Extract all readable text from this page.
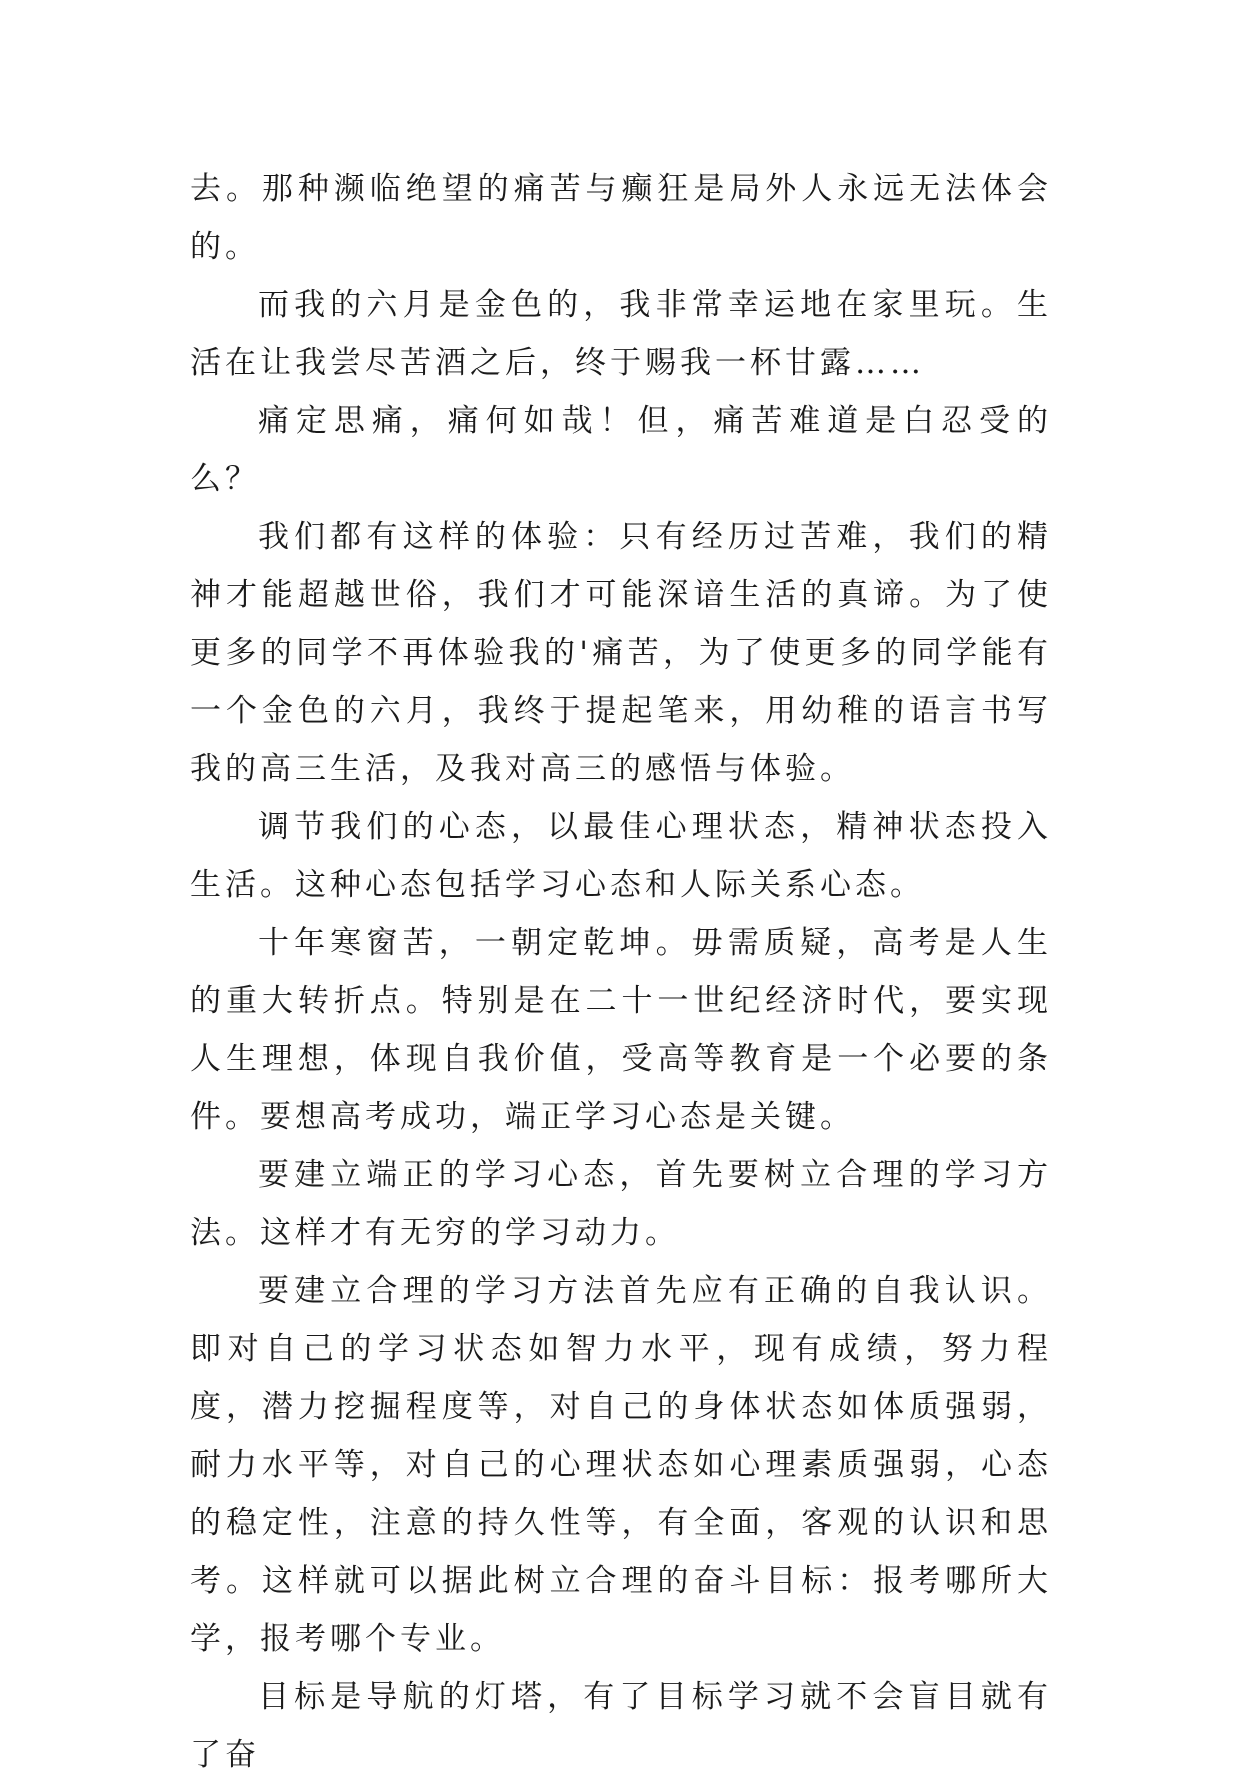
去。那种濒临绝望的痛苦与癫狂是局外人永远无法体会的。

而我的六月是金色的，我非常幸运地在家里玩。生活在让我尝尽苦酒之后，终于赐我一杯甘露……

痛定思痛，痛何如哉！但，痛苦难道是白忍受的么？

我们都有这样的体验：只有经历过苦难，我们的精神才能超越世俗，我们才可能深谙生活的真谛。为了使更多的同学不再体验我的'痛苦，为了使更多的同学能有一个金色的六月，我终于提起笔来，用幼稚的语言书写我的高三生活，及我对高三的感悟与体验。

调节我们的心态，以最佳心理状态，精神状态投入生活。这种心态包括学习心态和人际关系心态。

十年寒窗苦，一朝定乾坤。毋需质疑，高考是人生的重大转折点。特别是在二十一世纪经济时代，要实现人生理想，体现自我价值，受高等教育是一个必要的条件。要想高考成功，端正学习心态是关键。

要建立端正的学习心态，首先要树立合理的学习方法。这样才有无穷的学习动力。

要建立合理的学习方法首先应有正确的自我认识。即对自己的学习状态如智力水平，现有成绩，努力程度，潜力挖掘程度等，对自己的身体状态如体质强弱，耐力水平等，对自己的心理状态如心理素质强弱，心态的稳定性，注意的持久性等，有全面，客观的认识和思考。这样就可以据此树立合理的奋斗目标：报考哪所大学，报考哪个专业。

目标是导航的灯塔，有了目标学习就不会盲目就有了奋
